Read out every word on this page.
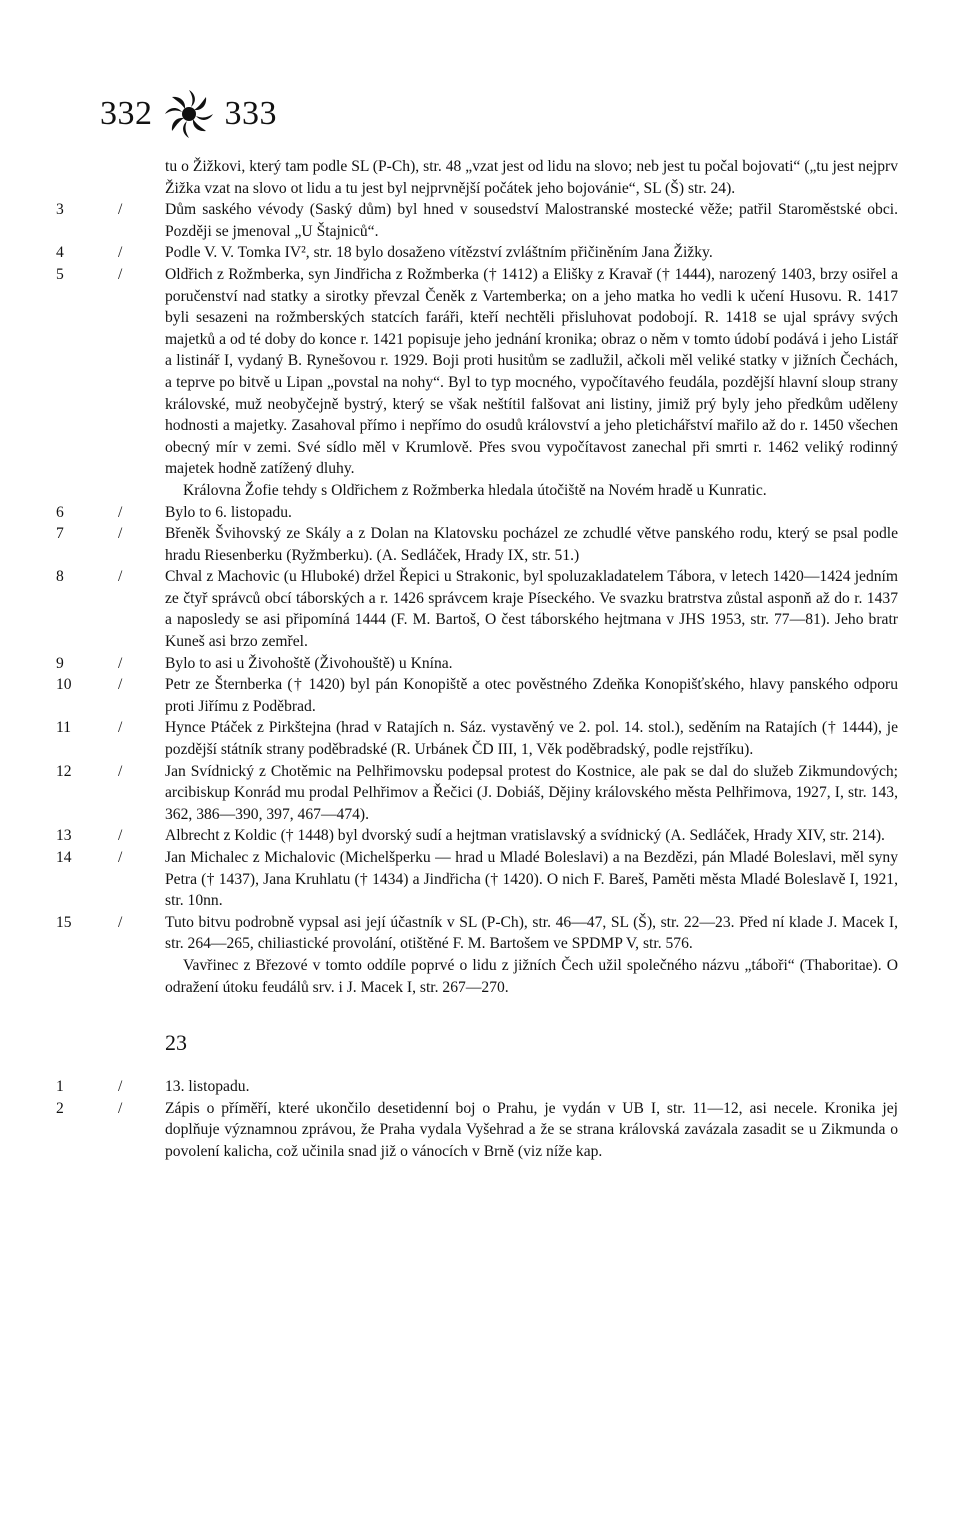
332 333
tu o Žižkovi, který tam podle SL (P-Ch), str. 48 „vzat jest od lidu na slovo; neb jest tu počal bojovati“ („tu jest nejprv Žižka vzat na slovo ot lidu a tu jest byl nejprvnější počátek jeho bojovánie“, SL (Š) str. 24).
3	/	Dům saského vévody (Saský dům) byl hned v sousedství Malostranské mostecké věže; patřil Staroměstské obci. Později se jmenoval „U Štajniců“.
4	/	Podle V. V. Tomka IV², str. 18 bylo dosaženo vítězství zvláštním přičiněním Jana Žižky.
5	/	Oldřich z Rožmberka, syn Jindřicha z Rožmberka († 1412) a Elišky z Kravař († 1444), narozený 1403, brzy osiřel a poručenství nad statky a sirotky převzal Čeněk z Vartemberka; on a jeho matka ho vedli k učení Husovu. R. 1417 byli sesazeni na rožmberských statcích faráři, kteří nechtěli přisluhovat podobojí. R. 1418 se ujal správy svých majetků a od té doby do konce r. 1421 popisuje jeho jednání kronika; obraz o něm v tomto údobí podává i jeho Listář a listinář I, vydaný B. Rynešovou r. 1929. Boji proti husitům se zadlužil, ačkoli měl veliké statky v jižních Čechách, a teprve po bitvě u Lipan „povstal na nohy“. Byl to typ mocného, vypočítavého feudála, pozdější hlavní sloup strany královské, muž neobyčejně bystrý, který se však neštítil falšovat ani listiny, jimiž prý byly jeho předkům uděleny hodnosti a majetky. Zasahoval přímo i nepřímo do osudů království a jeho pletichářství mařilo až do r. 1450 všechen obecný mír v zemi. Své sídlo měl v Krumlově. Přes svou vypočítavost zanechal při smrti r. 1462 veliký rodinný majetek hodně zatížený dluhy.
Královna Žofie tehdy s Oldřichem z Rožmberka hledala útočiště na Novém hradě u Kunratic.
6	/	Bylo to 6. listopadu.
7	/	Břeněk Švihovský ze Skály a z Dolan na Klatovsku pocházel ze zchudlé větve panského rodu, který se psal podle hradu Riesenberku (Ryžmberku). (A. Sedláček, Hrady IX, str. 51.)
8	/	Chval z Machovic (u Hluboké) držel Řepici u Strakonic, byl spoluzakladatelem Tábora, v letech 1420—1424 jedním ze čtyř správců obcí táborských a r. 1426 správcem kraje Píseckého. Ve svazku bratrstva zůstal asponň až do r. 1437 a naposledy se asi připomíná 1444 (F. M. Bartoš, O čest táborského hejtmana v JHS 1953, str. 77—81). Jeho bratr Kuneš asi brzo zemřel.
9	/	Bylo to asi u Živohoště (Živohouště) u Knína.
10	/	Petr ze Šternberka († 1420) byl pán Konopiště a otec pověstného Zdeňka Konopišťského, hlavy panského odporu proti Jiřímu z Poděbrad.
11	/	Hynce Ptáček z Pirkštejna (hrad v Ratajích n. Sáz. vystavěný ve 2. pol. 14. stol.), seděním na Ratajích († 1444), je pozdější státník strany poděbradské (R. Urbánek ČD III, 1, Věk poděbradský, podle rejstříku).
12	/	Jan Svídnický z Chotěmic na Pelhřimovsku podepsal protest do Kostnice, ale pak se dal do služeb Zikmundových; arcibiskup Konrád mu prodal Pelhřimov a Řečici (J. Dobiáš, Dějiny královského města Pelhřimova, 1927, I, str. 143, 362, 386—390, 397, 467—474).
13	/	Albrecht z Koldic († 1448) byl dvorský sudí a hejtman vratislavský a svídnický (A. Sedláček, Hrady XIV, str. 214).
14	/	Jan Michalec z Michalovic (Michelšperku — hrad u Mladé Boleslavi) a na Bezdězi, pán Mladé Boleslavi, měl syny Petra († 1437), Jana Kruhlatu († 1434) a Jindřicha († 1420). O nich F. Bareš, Paměti města Mladé Boleslavě I, 1921, str. 10nn.
15	/	Tuto bitvu podrobně vypsal asi její účastník v SL (P-Ch), str. 46—47, SL (Š), str. 22—23. Před ní klade J. Macek I, str. 264—265, chiliastické provolání, otištěné F. M. Bartošem ve SPDMP V, str. 576.
Vavřinec z Březové v tomto oddíle poprvé o lidu z jižních Čech užil společného názvu „táboři“ (Thaboritae). O odražení útoku feudálů srv. i J. Macek I, str. 267—270.
23
1	/	13. listopadu.
2	/	Zápis o příměří, které ukončilo desetidenní boj o Prahu, je vydán v UB I, str. 11—12, asi necele. Kronika jej doplňuje významnou zprávou, že Praha vydala Vyšehrad a že se strana královská zavázala zasadit se u Zikmunda o povolení kalicha, což učinila snad již o vánocích v Brně (viz níže kap.
